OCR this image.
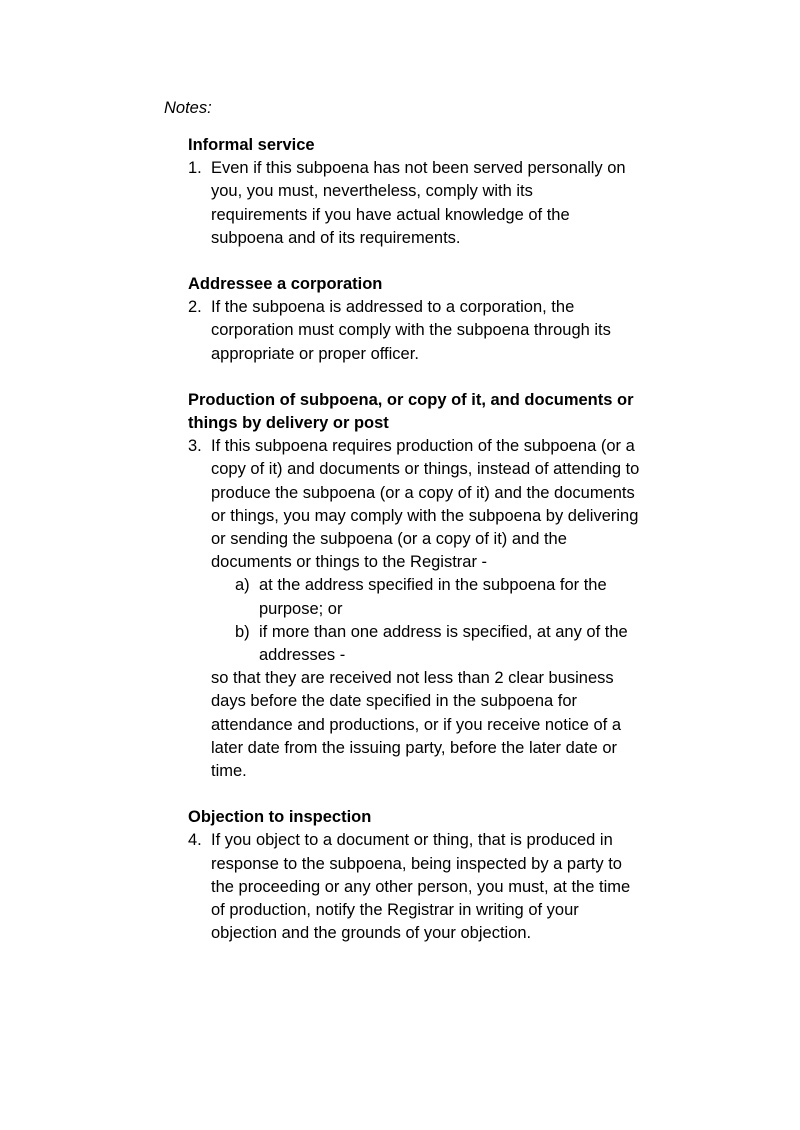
Notes:

Informal service

1. Even if this subpoena has not been served personally on you, you must, nevertheless, comply with its requirements if you have actual knowledge of the subpoena and of its requirements.

Addressee a corporation

2. If the subpoena is addressed to a corporation, the corporation must comply with the subpoena through its appropriate or proper officer.

Production of subpoena, or copy of it, and documents or things by delivery or post

3. If this subpoena requires production of the subpoena (or a copy of it) and documents or things, instead of attending to produce the subpoena (or a copy of it) and the documents or things, you may comply with the subpoena by delivering or sending the subpoena (or a copy of it) and the documents or things to the Registrar -

a) at the address specified in the subpoena for the purpose; or

b) if more than one address is specified, at any of the addresses -

so that they are received not less than 2 clear business days before the date specified in the subpoena for attendance and productions, or if you receive notice of a later date from the issuing party, before the later date or time.

Objection to inspection

4. If you object to a document or thing, that is produced in response to the subpoena, being inspected by a party to the proceeding or any other person, you must, at the time of production, notify the Registrar in writing of your objection and the grounds of your objection.
